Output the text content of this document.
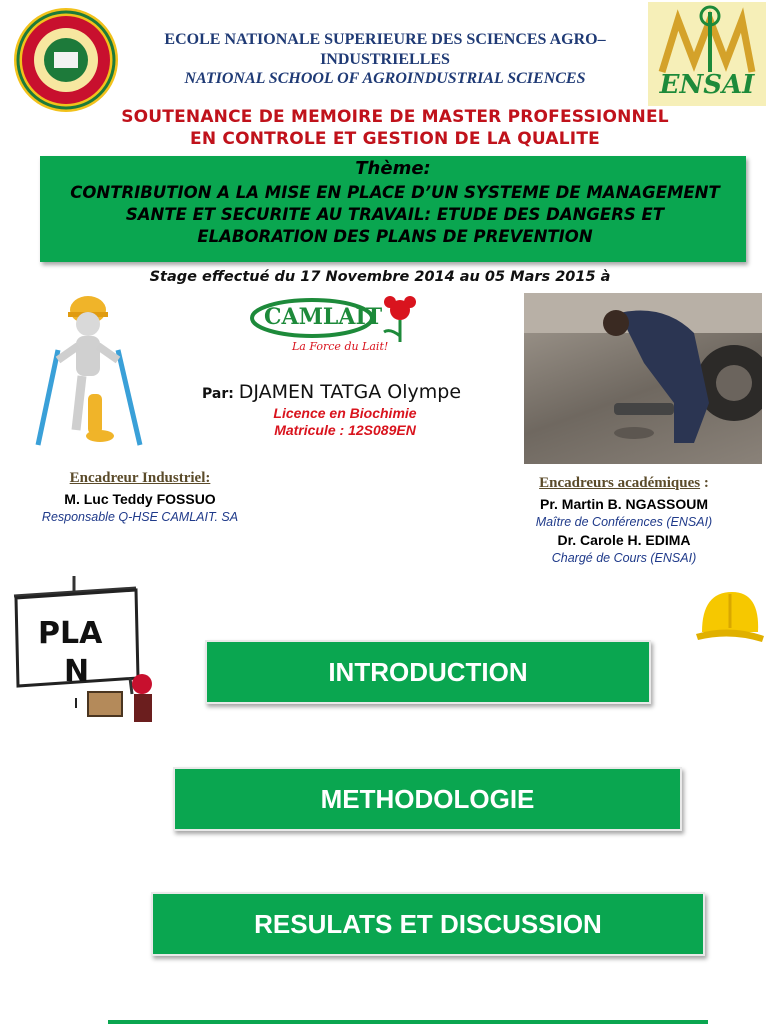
ECOLE NATIONALE SUPERIEURE DES SCIENCES AGRO–INDUSTRIELLES
NATIONAL SCHOOL OF AGROINDUSTRIAL SCIENCES	ENSAI
SOUTENANCE DE MEMOIRE DE MASTER PROFESSIONNEL
EN CONTROLE ET GESTION DE LA QUALITE
Thème:
CONTRIBUTION A LA MISE EN PLACE D’UN SYSTEME DE MANAGEMENT SANTE ET SECURITE AU TRAVAIL: ETUDE DES DANGERS ET ELABORATION DES PLANS DE PREVENTION
Stage effectué du 17 Novembre 2014 au 05 Mars 2015 à
CAMLAIT
La Force du Lait!
Par: DJAMEN TATGA Olympe
Licence en Biochimie
Matricule : 12S089EN
Encadreur Industriel:
M. Luc Teddy FOSSUO
Responsable Q-HSE CAMLAIT. SA
Encadreurs académiques :
Pr. Martin B. NGASSOUM
Maître de Conférences (ENSAI)
Dr. Carole H. EDIMA
Chargé de Cours (ENSAI)
PLA
N	INTRODUCTION
METHODOLOGIE
RESULATS ET DISCUSSION
